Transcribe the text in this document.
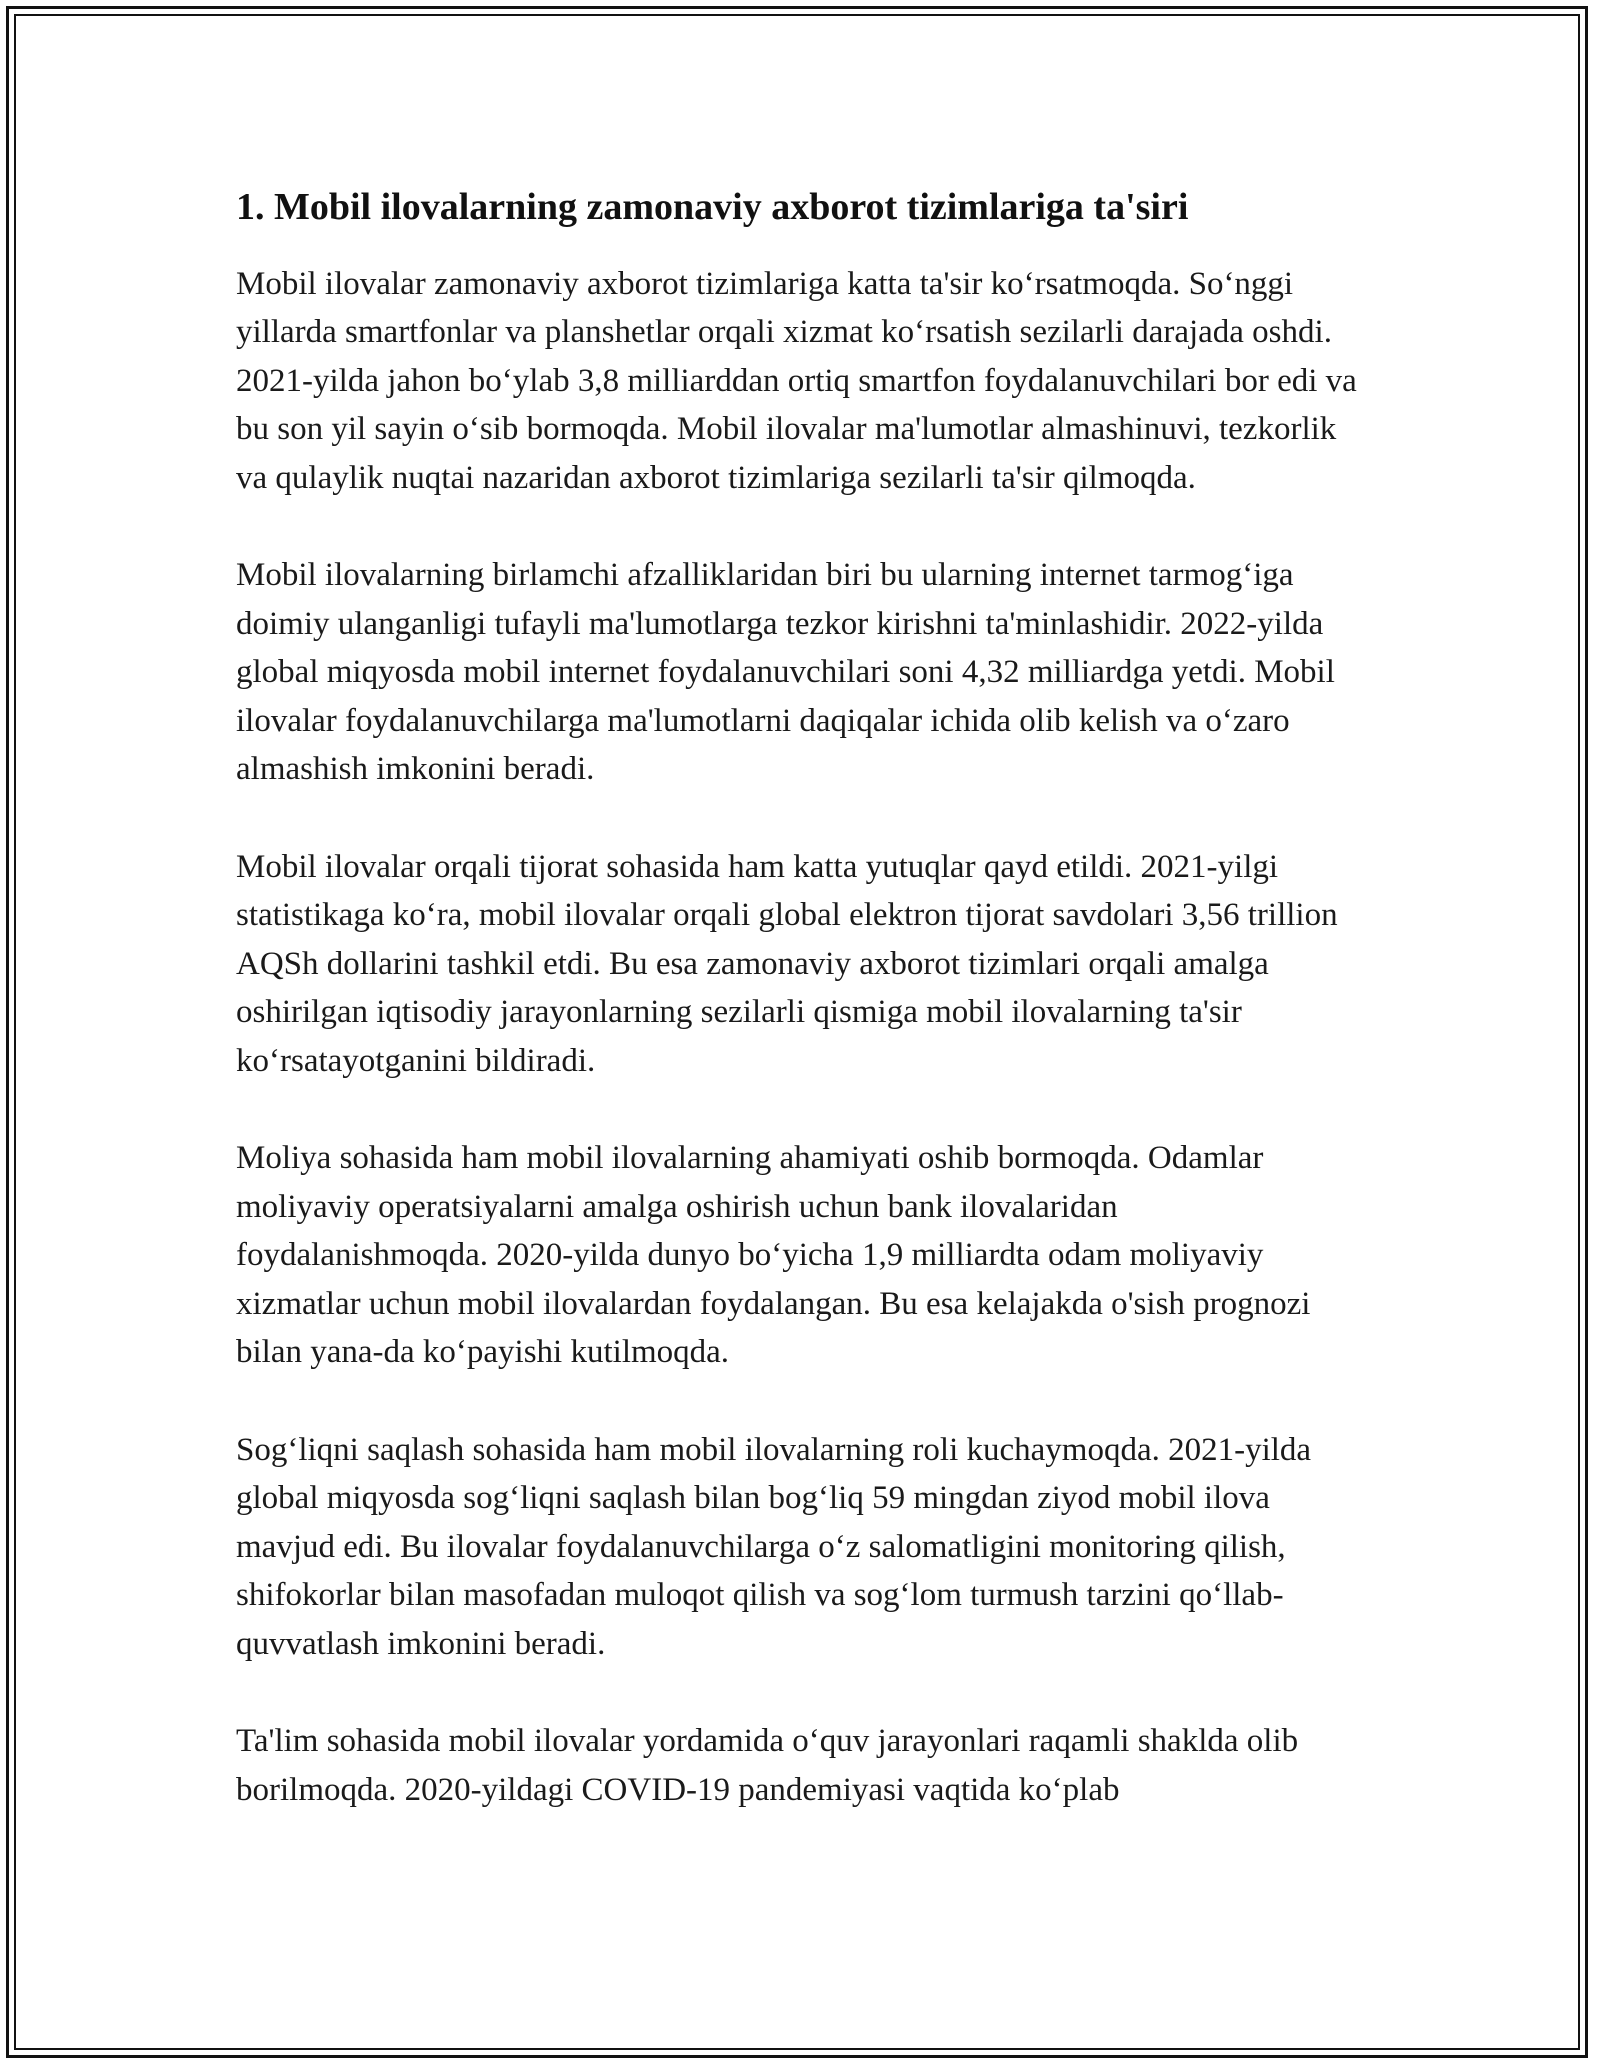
1. Mobil ilovalarning zamonaviy axborot tizimlariga ta'siri

Mobil ilovalar zamonaviy axborot tizimlariga katta ta'sir ko‘rsatmoqda. So‘nggi yillarda smartfonlar va planshetlar orqali xizmat ko‘rsatish sezilarli darajada oshdi. 2021-yilda jahon bo‘ylab 3,8 milliarddan ortiq smartfon foydalanuvchilari bor edi va bu son yil sayin o‘sib bormoqda. Mobil ilovalar ma'lumotlar almashinuvi, tezkorlik va qulaylik nuqtai nazaridan axborot tizimlariga sezilarli ta'sir qilmoqda.

Mobil ilovalarning birlamchi afzalliklaridan biri bu ularning internet tarmog‘iga doimiy ulanganligi tufayli ma'lumotlarga tezkor kirishni ta'minlashidir. 2022-yilda global miqyosda mobil internet foydalanuvchilari soni 4,32 milliardga yetdi. Mobil ilovalar foydalanuvchilarga ma'lumotlarni daqiqalar ichida olib kelish va o‘zaro almashish imkonini beradi.

Mobil ilovalar orqali tijorat sohasida ham katta yutuqlar qayd etildi. 2021-yilgi statistikaga ko‘ra, mobil ilovalar orqali global elektron tijorat savdolari 3,56 trillion AQSh dollarini tashkil etdi. Bu esa zamonaviy axborot tizimlari orqali amalga oshirilgan iqtisodiy jarayonlarning sezilarli qismiga mobil ilovalarning ta'sir ko‘rsatayotganini bildiradi.

Moliya sohasida ham mobil ilovalarning ahamiyati oshib bormoqda. Odamlar moliyaviy operatsiyalarni amalga oshirish uchun bank ilovalaridan foydalanishmoqda. 2020-yilda dunyo bo‘yicha 1,9 milliardta odam moliyaviy xizmatlar uchun mobil ilovalardan foydalangan. Bu esa kelajakda o'sish prognozi bilan yana-da ko‘payishi kutilmoqda.

Sog‘liqni saqlash sohasida ham mobil ilovalarning roli kuchaymoqda. 2021-yilda global miqyosda sog‘liqni saqlash bilan bog‘liq 59 mingdan ziyod mobil ilova mavjud edi. Bu ilovalar foydalanuvchilarga o‘z salomatligini monitoring qilish, shifokorlar bilan masofadan muloqot qilish va sog‘lom turmush tarzini qo‘llab-quvvatlash imkonini beradi.

Ta'lim sohasida mobil ilovalar yordamida o‘quv jarayonlari raqamli shaklda olib borilmoqda. 2020-yildagi COVID-19 pandemiyasi vaqtida ko‘plab
